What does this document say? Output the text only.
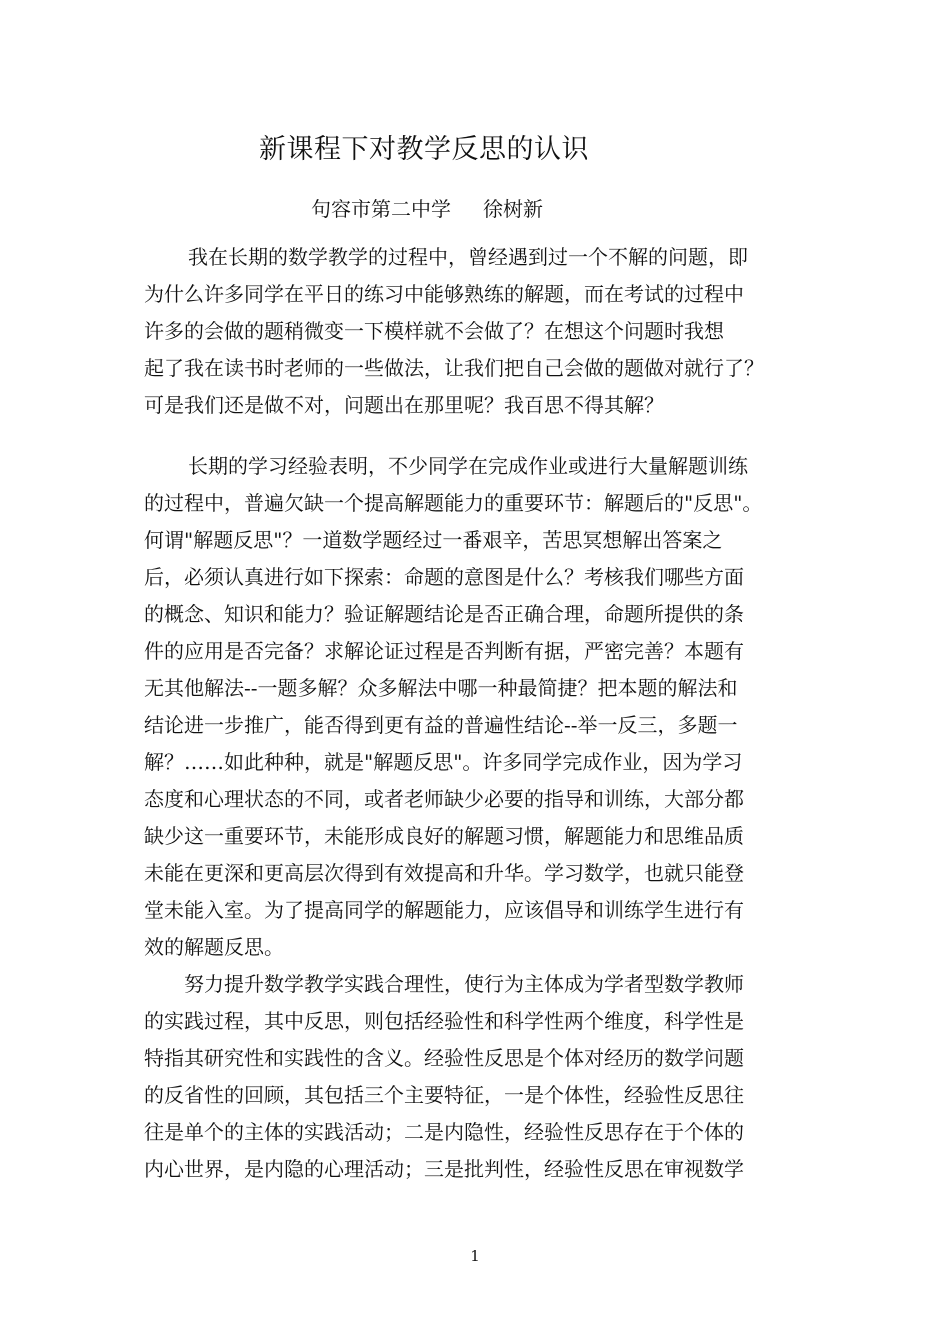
新课程下对教学反思的认识
句容市第二中学 徐树新
我在长期的数学教学的过程中，曾经遇到过一个不解的问题，即
为什么许多同学在平日的练习中能够熟练的解题，而在考试的过程中
许多的会做的题稍微变一下模样就不会做了？在想这个问题时我想
起了我在读书时老师的一些做法，让我们把自己会做的题做对就行了？
可是我们还是做不对，问题出在那里呢？我百思不得其解？
长期的学习经验表明，不少同学在完成作业或进行大量解题训练
的过程中，普遍欠缺一个提高解题能力的重要环节：解题后的"反思"。
何谓"解题反思"？一道数学题经过一番艰辛，苦思冥想解出答案之
后，必须认真进行如下探索：命题的意图是什么？考核我们哪些方面
的概念、知识和能力？验证解题结论是否正确合理，命题所提供的条
件的应用是否完备？求解论证过程是否判断有据，严密完善？本题有
无其他解法--一题多解？众多解法中哪一种最简捷？把本题的解法和
结论进一步推广，能否得到更有益的普遍性结论--举一反三，多题一
解？……如此种种，就是"解题反思"。许多同学完成作业，因为学习
态度和心理状态的不同，或者老师缺少必要的指导和训练，大部分都
缺少这一重要环节，未能形成良好的解题习惯，解题能力和思维品质
未能在更深和更高层次得到有效提高和升华。学习数学，也就只能登
堂未能入室。为了提高同学的解题能力，应该倡导和训练学生进行有
效的解题反思。
努力提升数学教学实践合理性，使行为主体成为学者型数学教师
的实践过程，其中反思，则包括经验性和科学性两个维度，科学性是
特指其研究性和实践性的含义。经验性反思是个体对经历的数学问题
的反省性的回顾，其包括三个主要特征，一是个体性，经验性反思往
往是单个的主体的实践活动；二是内隐性，经验性反思存在于个体的
内心世界，是内隐的心理活动；三是批判性，经验性反思在审视数学
1
